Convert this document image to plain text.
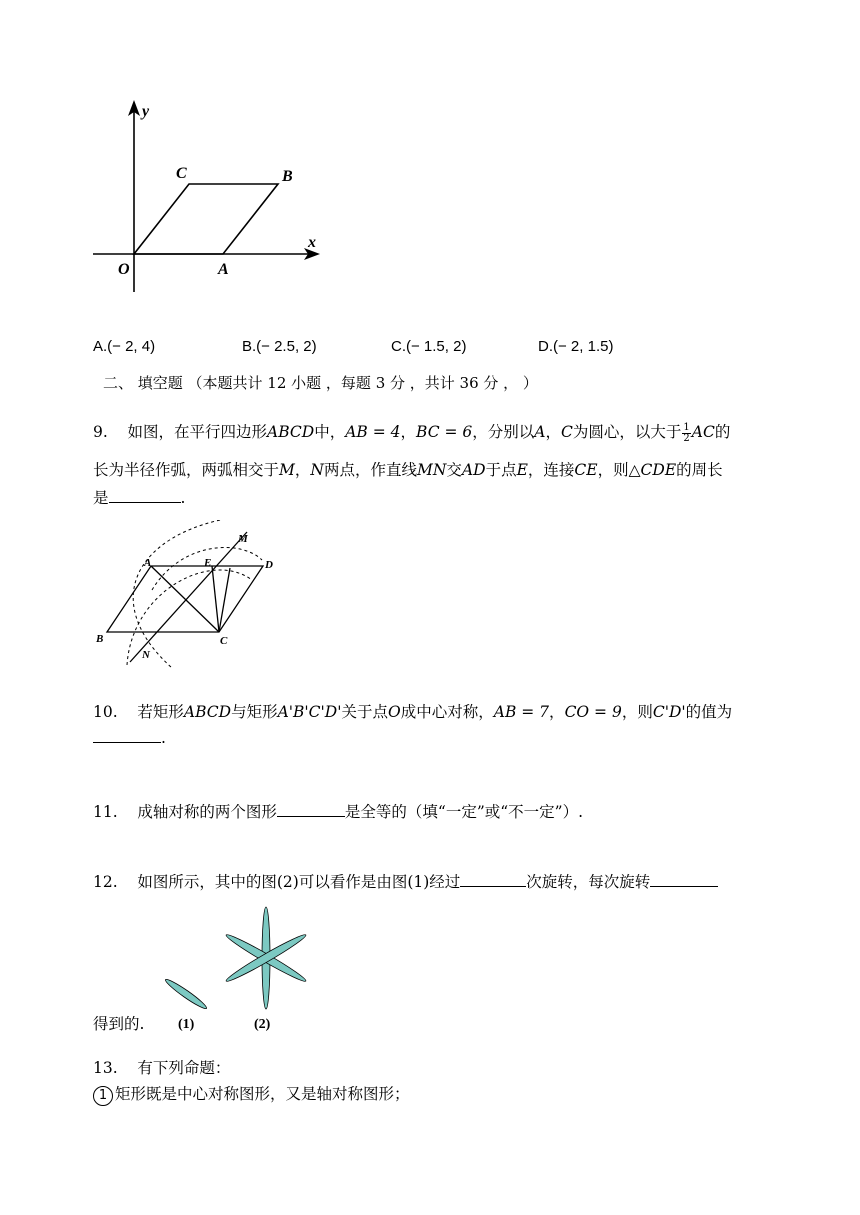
y
x
O	A
B
C
A.(− 2, 4)	B.(− 2.5, 2)	C.(− 1.5, 2)	D.(− 2, 1.5)
二、 填空题 （本题共计 12 小题 ，每题 3 分 ，共计 36 分 ， ）
9. 如图，在平行四边形ABCD中，AB = 4，BC = 6，分别以A，C为圆心，以大于 $\frac{1}{2}$ AC的
长为半径作弧，两弧相交于M，N两点，作直线MN交AD于点E，连接CE，则△CDE的周长
是	.
A	E
M
D
B
N
C
10. 若矩形ABCD与矩形A'B'C'D'关于点O成中心对称，AB = 7，CO = 9，则C'D'的值为
.
11. 成轴对称的两个图形	是全等的（填“一定”或“不一定”）.
12. 如图所示，其中的图(2)可以看作是由图(1)经过	次旋转，每次旋转
(1)	(2)
得到的.
13. 有下列命题：
1 矩形既是中心对称图形，又是轴对称图形；
